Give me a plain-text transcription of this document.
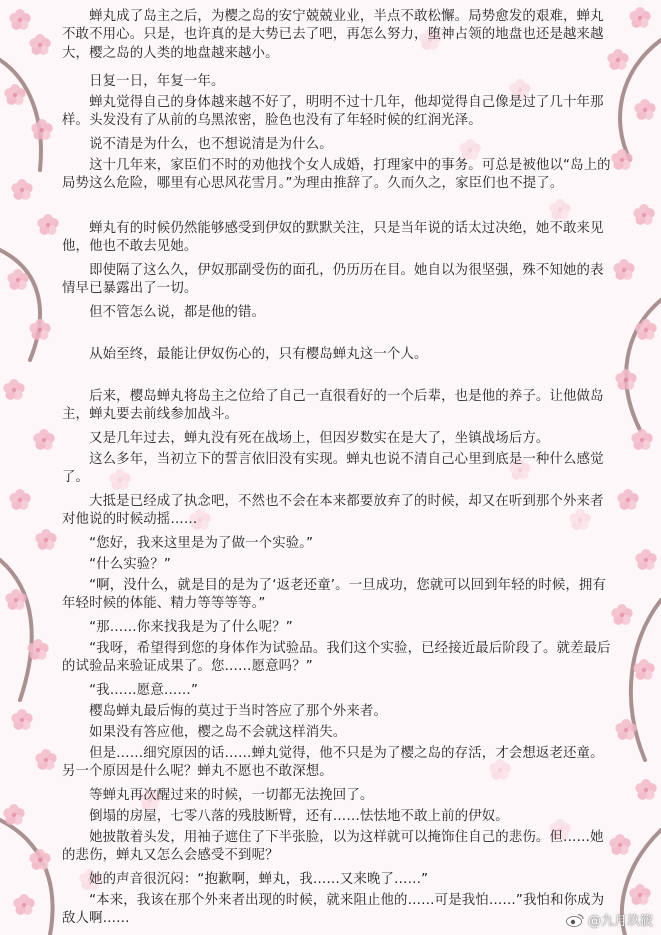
　　蝉丸成了岛主之后，为樱之岛的安宁兢兢业业，半点不敢松懈。局势愈发的艰难，蝉丸不敢不用心。只是，也许真的是大势已去了吧，再怎么努力，堕神占领的地盘也还是越来越大，樱之岛的人类的地盘越来越小。

　　日复一日，年复一年。

　　蝉丸觉得自己的身体越来越不好了，明明不过十几年，他却觉得自己像是过了几十年那样。头发没有了从前的乌黑浓密，脸色也没有了年轻时候的红润光泽。

　　说不清是为什么，也不想说清是为什么。

　　这十几年来，家臣们不时的劝他找个女人成婚，打理家中的事务。可总是被他以“岛上的局势这么危险，哪里有心思风花雪月。”为理由推辞了。久而久之，家臣们也不提了。

　　蝉丸有的时候仍然能够感受到伊奴的默默关注，只是当年说的话太过决绝，她不敢来见他，他也不敢去见她。

　　即使隔了这么久，伊奴那副受伤的面孔，仍历历在目。她自以为很坚强，殊不知她的表情早已暴露出了一切。

　　但不管怎么说，都是他的错。

　　从始至终，最能让伊奴伤心的，只有樱岛蝉丸这一个人。

　　后来，樱岛蝉丸将岛主之位给了自己一直很看好的一个后辈，也是他的养子。让他做岛主，蝉丸要去前线参加战斗。

　　又是几年过去，蝉丸没有死在战场上，但因岁数实在是大了，坐镇战场后方。

　　这么多年，当初立下的誓言依旧没有实现。蝉丸也说不清自己心里到底是一种什么感觉了。

　　大抵是已经成了执念吧，不然也不会在本来都要放弃了的时候，却又在听到那个外来者对他说的时候动摇……

　　“您好，我来这里是为了做一个实验。”

　　“什么实验？”

　　“啊，没什么，就是目的是为了‘返老还童’。一旦成功，您就可以回到年轻的时候，拥有年轻时候的体能、精力等等等等。”

　　“那……你来找我是为了什么呢？”

　　“我呀，希望得到您的身体作为试验品。我们这个实验，已经接近最后阶段了。就差最后的试验品来验证成果了。您……愿意吗？”

　　“我……愿意……”

　　樱岛蝉丸最后悔的莫过于当时答应了那个外来者。

　　如果没有答应他，樱之岛不会就这样消失。

　　但是……细究原因的话……蝉丸觉得，他不只是为了樱之岛的存活，才会想返老还童。另一个原因是什么呢？蝉丸不愿也不敢深想。

　　等蝉丸再次醒过来的时候，一切都无法挽回了。

　　倒塌的房屋，七零八落的残肢断臂，还有……怯怯地不敢上前的伊奴。

　　她披散着头发，用袖子遮住了下半张脸，以为这样就可以掩饰住自己的悲伤。但……她的悲伤，蝉丸又怎么会感受不到呢？

　　她的声音很沉闷：“抱歉啊，蝉丸，我……又来晚了……”

　　“本来，我该在那个外来者出现的时候，就来阻止他的……可是我怕……”我怕和你成为敌人啊……	@九月玖筱
